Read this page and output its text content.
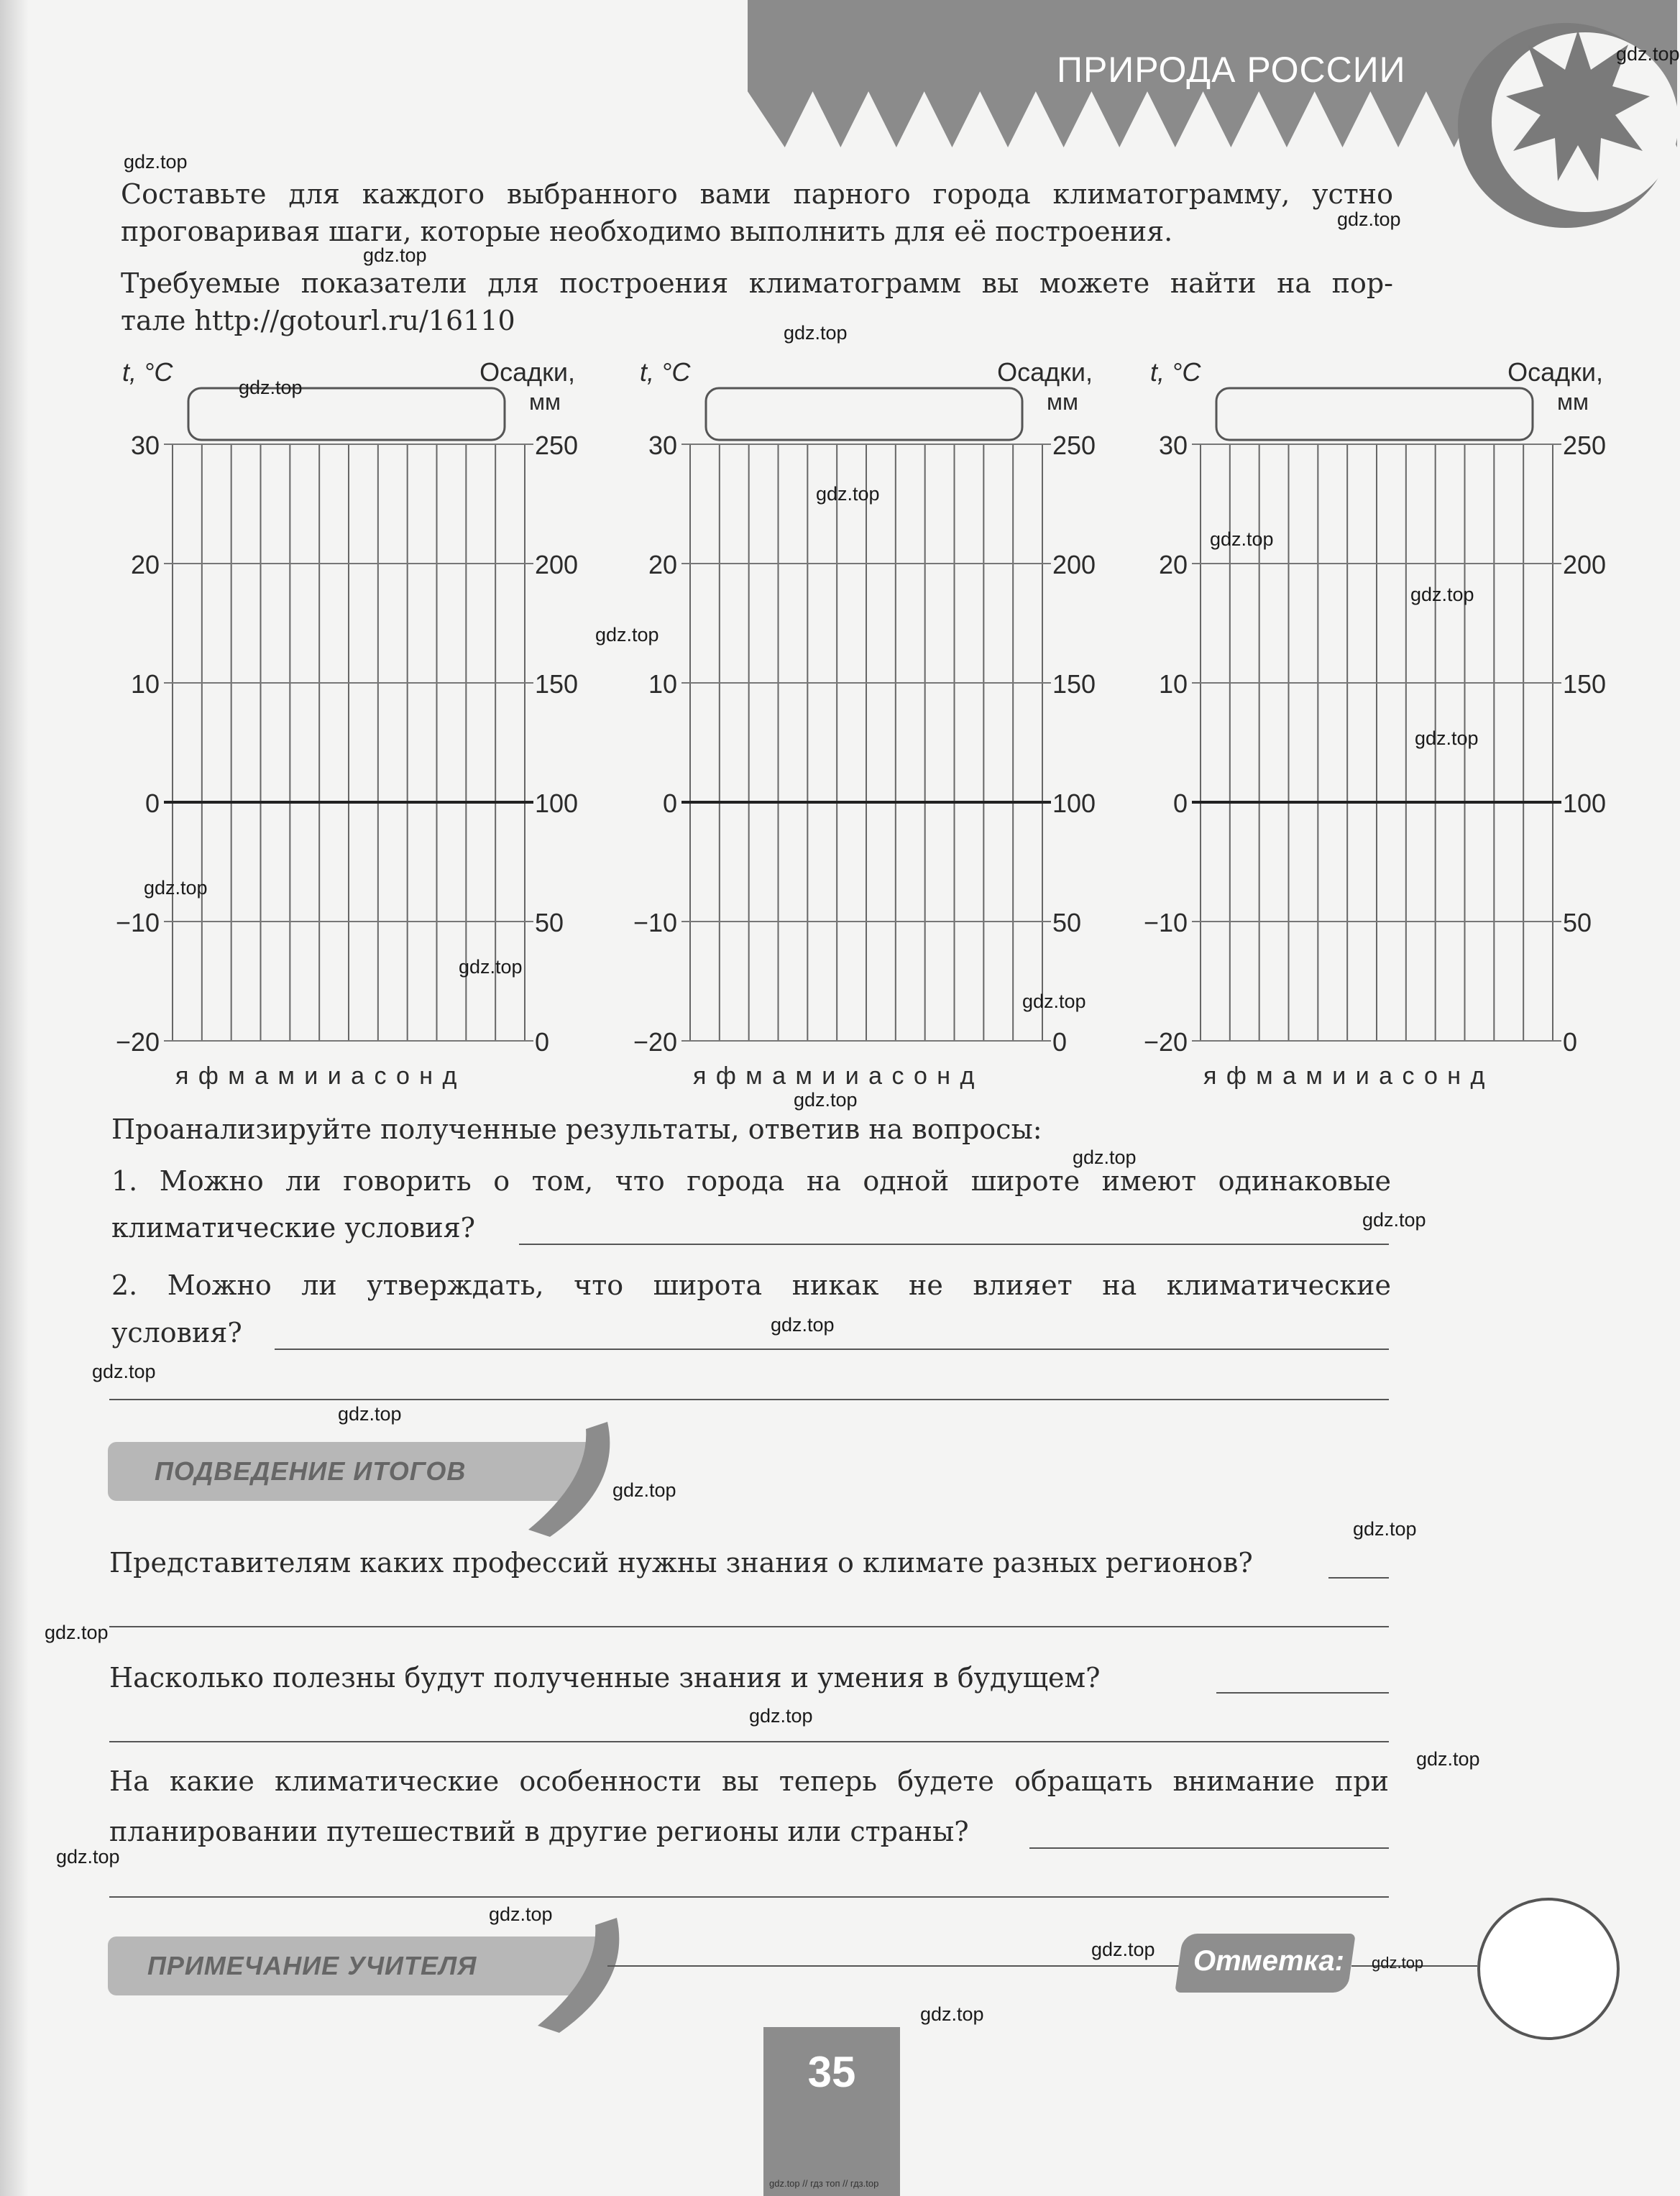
ПРИРОДА РОССИИ	gdz.top
Составьте для каждого выбранного вами парного города климатограмму, устно
проговаривая шаги, которые необходимо выполнить для её построения.
Требуемые показатели для построения климатограмм вы можете найти на пор-
тале http://gotourl.ru/16110
30	250
20	200
10	150
0	100
−10	50
−20	0
t, °C	Осадки,
мм
я ф м а м и и а с о н д
30	250
20	200
10	150
0	100
−10	50
−20	0
t, °C	Осадки,
мм
я ф м а м и и а с о н д
30	250
20	200
10	150
0	100
−10	50
−20	0
t, °C	Осадки,
мм
я ф м а м и и а с о н д
gdz.top
gdz.top
gdz.top
gdz.top
gdz.top
gdz.top
gdz.top
gdz.top
gdz.top
gdz.top
gdz.top
gdz.top
gdz.top
gdz.top
gdz.top
gdz.top
gdz.top
gdz.top
gdz.top
gdz.top
gdz.top
gdz.top
gdz.top
gdz.top
gdz.top
gdz.top
gdz.top
gdz.top
Проанализируйте полученные результаты, ответив на вопросы:
1. Можно ли говорить о том, что города на одной широте имеют одинаковые
климатические условия?
2. Можно ли утверждать, что широта никак не влияет на климатические
условия?
ПОДВЕДЕНИЕ ИТОГОВ
Представителям каких профессий нужны знания о климате разных регионов?
Насколько полезны будут полученные знания и умения в будущем?
На какие климатические особенности вы теперь будете обращать внимание при
планировании путешествий в другие регионы или страны?
ПРИМЕЧАНИЕ УЧИТЕЛЯ	Отметка: gdz.top
35
gdz.top // гдз топ // гдз.top
